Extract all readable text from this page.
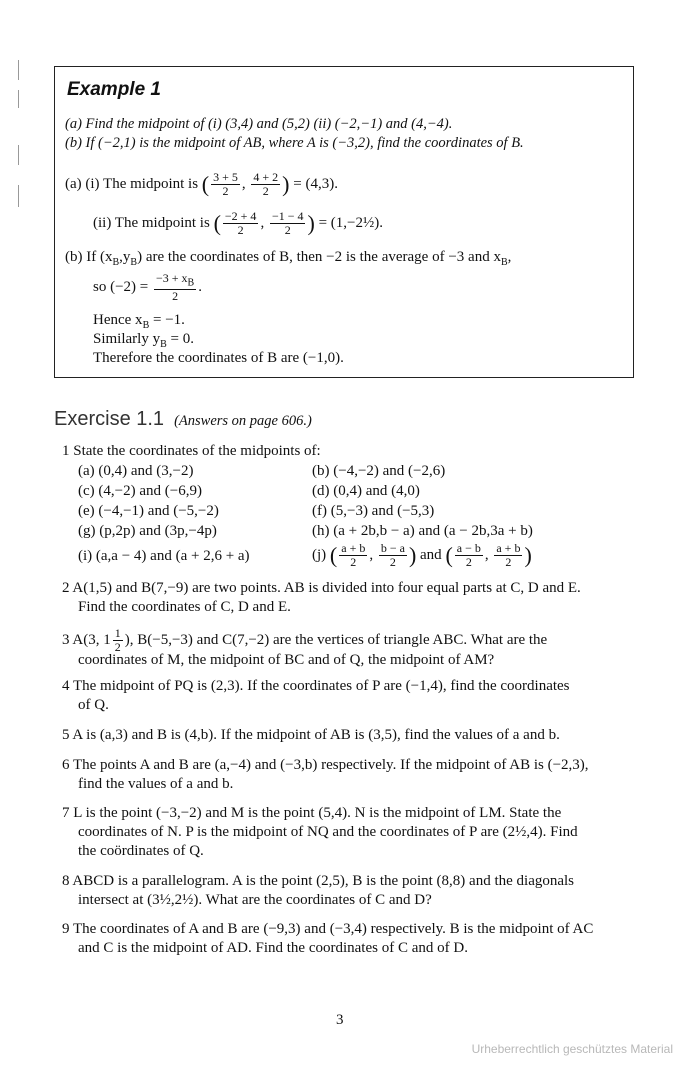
Example 1
(a) Find the midpoint of (i) (3,4) and (5,2) (ii) (−2,−1) and (4,−4).
(b) If (−2,1) is the midpoint of AB, where A is (−3,2), find the coordinates of B.
(a) (i) The midpoint is ( $\frac{3 + 5}{2}$ , $\frac{4 + 2}{2}$ ) = (4,3).
(ii) The midpoint is ( $\frac{-2 + 4}{2}$ , $\frac{-1 - 4}{2}$ ) = (1,−2½).
(b) If $(x_B,y_B)$ are the coordinates of B, then −2 is the average of −3 and $x_B$,
so $(-2) = \frac{-3 + x_B}{2}$ .
Hence $x_B = -1$.
Similarly $y_B = 0$.
Therefore the coordinates of B are (−1,0).
Exercise 1.1 (Answers on page 606.)
1 State the coordinates of the midpoints of:
(a) (0,4) and (3,−2)	(b) (−4,−2) and (−2,6)
(c) (4,−2) and (−6,9)	(d) (0,4) and (4,0)
(e) (−4,−1) and (−5,−2)	(f) (5,−3) and (−5,3)
(g) (p,2p) and (3p,−4p)	(h) (a + 2b,b − a) and (a − 2b,3a + b)
(i) (a,a − 4) and (a + 2,6 + a)	(j) ( $\frac{a + b}{2}$ , $\frac{b - a}{2}$ ) and ( $\frac{a - b}{2}$ , $\frac{a + b}{2}$ )
2 A(1,5) and B(7,−9) are two points. AB is divided into four equal parts at C, D and E.
Find the coordinates of C, D and E.
3 A(3, $1 \frac{1}{2}$ ), B(−5,−3) and C(7,−2) are the vertices of triangle ABC. What are the
coordinates of M, the midpoint of BC and of Q, the midpoint of AM?
4 The midpoint of PQ is (2,3). If the coordinates of P are (−1,4), find the coordinates
of Q.
5 A is (a,3) and B is (4,b). If the midpoint of AB is (3,5), find the values of a and b.
6 The points A and B are (a,−4) and (−3,b) respectively. If the midpoint of AB is (−2,3),
find the values of a and b.
7 L is the point (−3,−2) and M is the point (5,4). N is the midpoint of LM. State the
coordinates of N. P is the midpoint of NQ and the coordinates of P are (2½,4). Find
the coördinates of Q.
8 ABCD is a parallelogram. A is the point (2,5), B is the point (8,8) and the diagonals
intersect at (3½,2½). What are the coordinates of C and D?
9 The coordinates of A and B are (−9,3) and (−3,4) respectively. B is the midpoint of AC
and C is the midpoint of AD. Find the coordinates of C and of D.
3
Urheberrechtlich geschütztes Material
